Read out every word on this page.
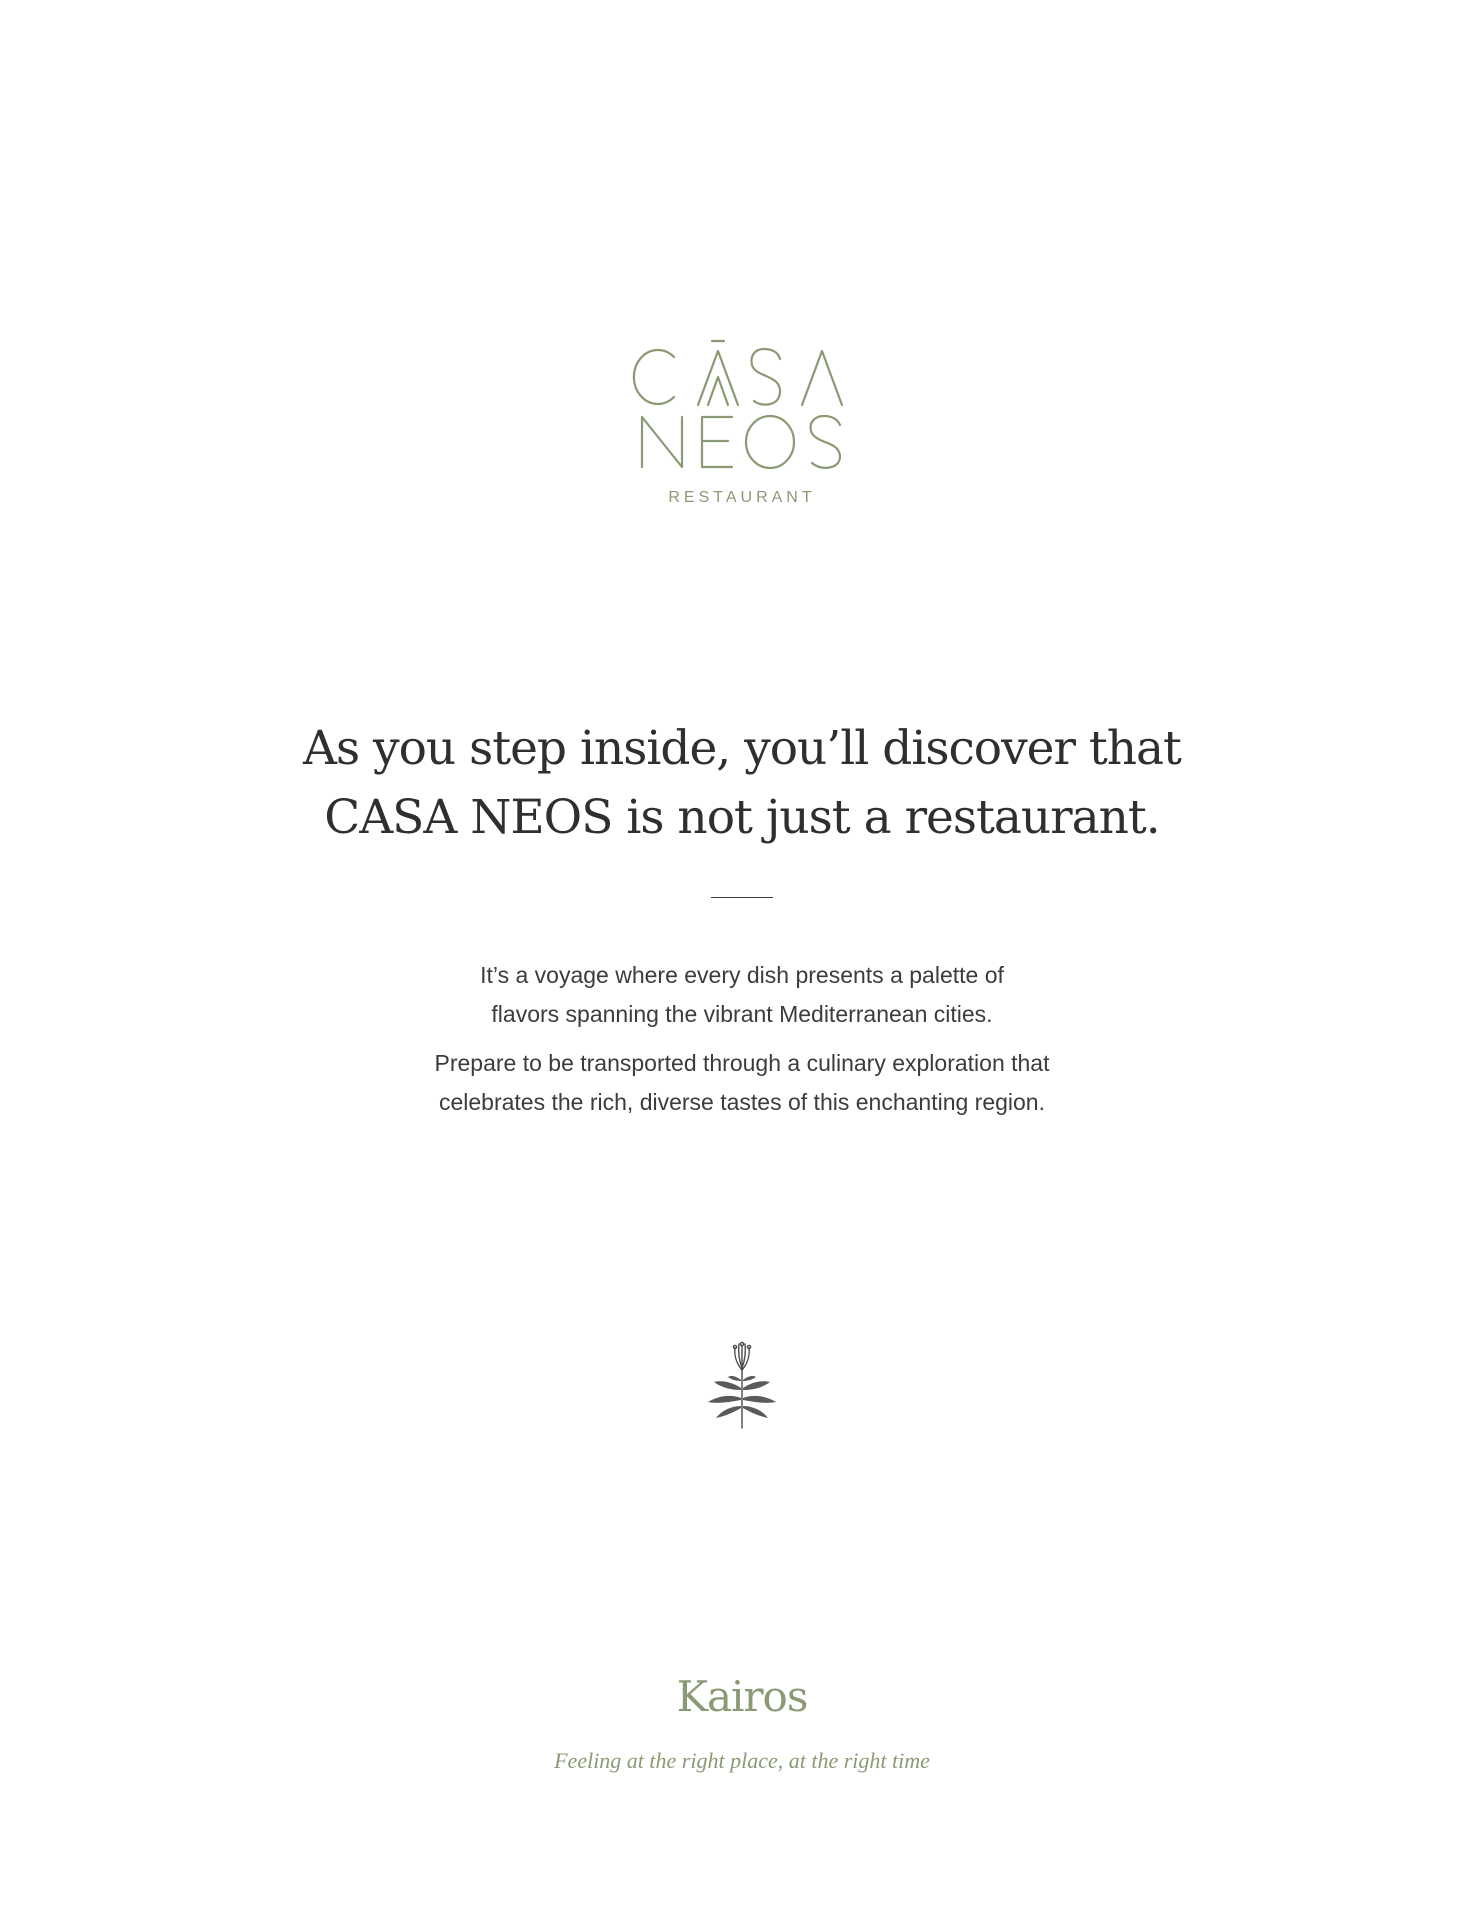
RESTAURANT
As you step inside, you’ll discover that
CASA NEOS is not just a restaurant.

It’s a voyage where every dish presents a palette of
flavors spanning the vibrant Mediterranean cities.

Prepare to be transported through a culinary exploration that
celebrates the rich, diverse tastes of this enchanting region.

Kairos
Feeling at the right place, at the right time
